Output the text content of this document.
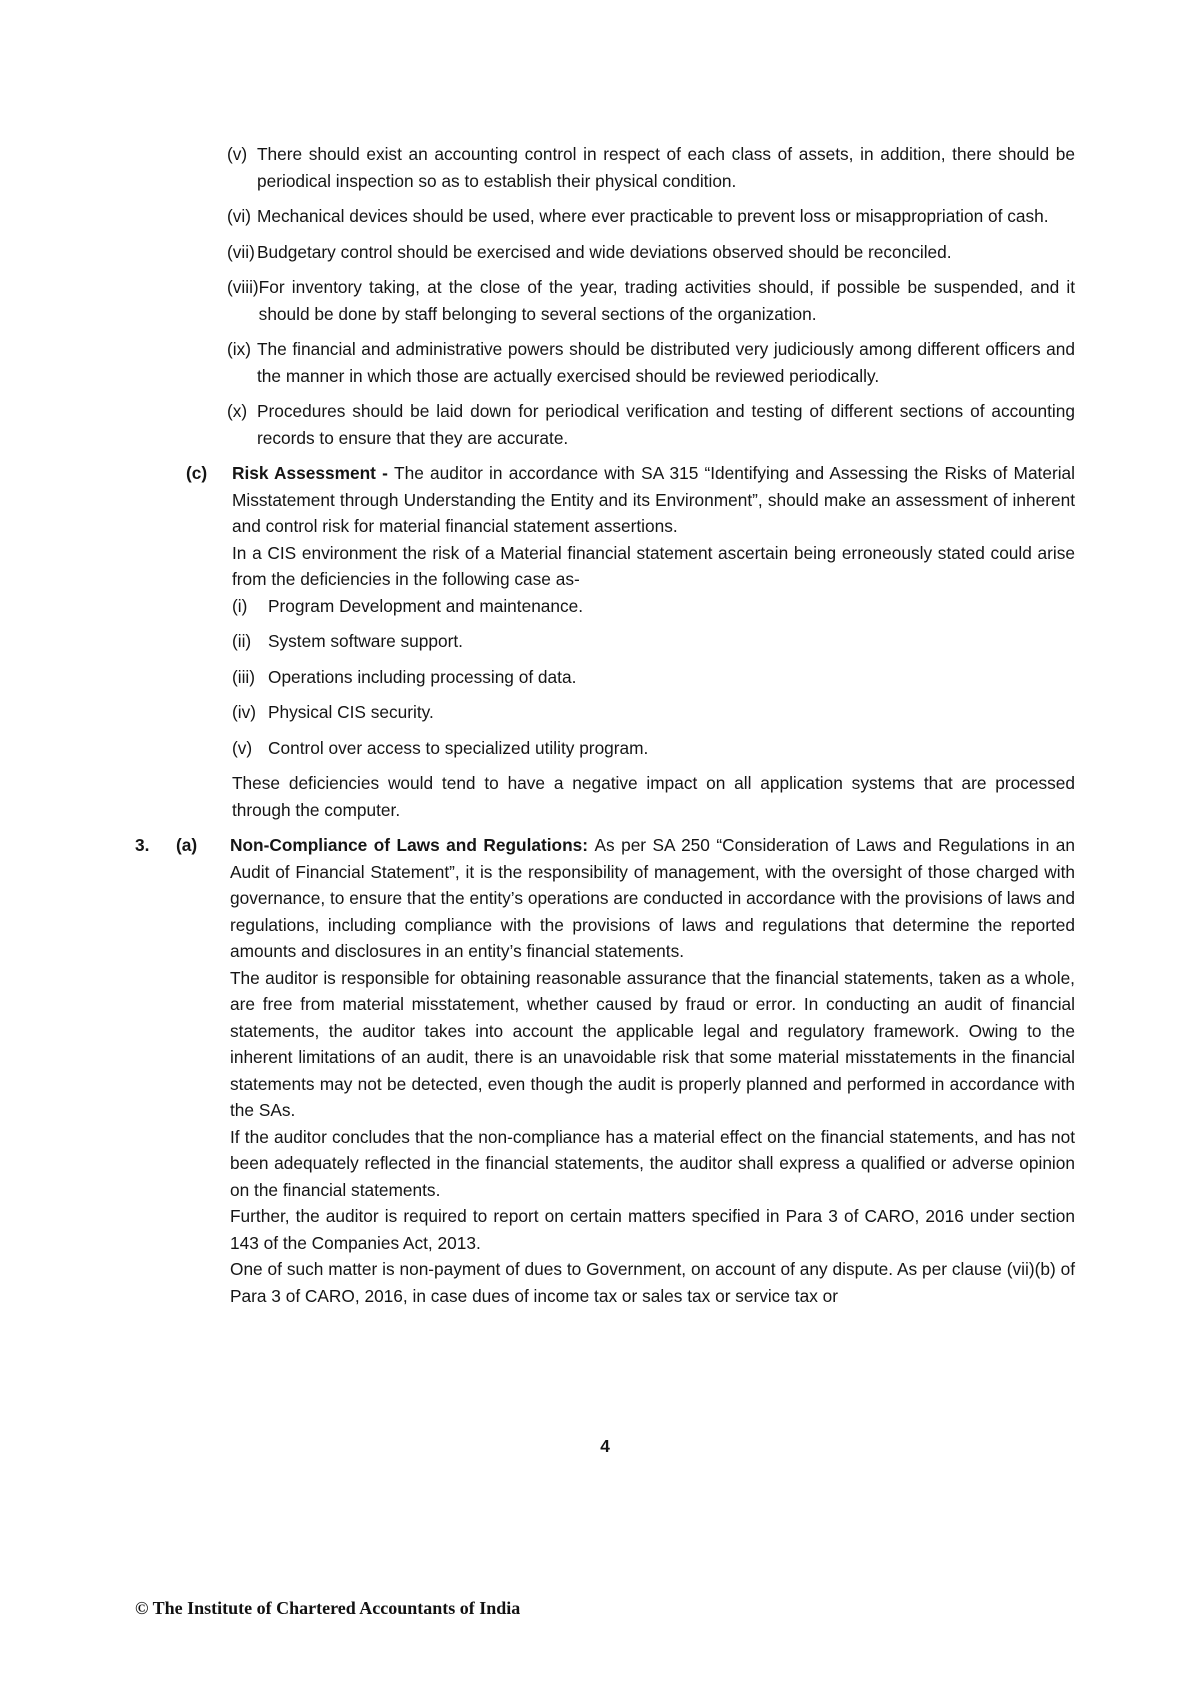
(v) There should exist an accounting control in respect of each class of assets, in addition, there should be periodical inspection so as to establish their physical condition.

(vi) Mechanical devices should be used, where ever practicable to prevent loss or misappropriation of cash.

(vii) Budgetary control should be exercised and wide deviations observed should be reconciled.

(viii) For inventory taking, at the close of the year, trading activities should, if possible be suspended, and it should be done by staff belonging to several sections of the organization.

(ix) The financial and administrative powers should be distributed very judiciously among different officers and the manner in which those are actually exercised should be reviewed periodically.

(x) Procedures should be laid down for periodical verification and testing of different sections of accounting records to ensure that they are accurate.

(c)	Risk Assessment - The auditor in accordance with SA 315 “Identifying and Assessing the Risks of Material Misstatement through Understanding the Entity and its Environment”, should make an assessment of inherent and control risk for material financial statement assertions.

In a CIS environment the risk of a Material financial statement ascertain being erroneously stated could arise from the deficiencies in the following case as-

(i)	Program Development and maintenance.

(ii) System software support.

(iii) Operations including processing of data.

(iv) Physical CIS security.

(v) Control over access to specialized utility program.

These deficiencies would tend to have a negative impact on all application systems that are processed through the computer.

3.	(a)	Non-Compliance of Laws and Regulations: As per SA 250 “Consideration of Laws and Regulations in an Audit of Financial Statement”, it is the responsibility of management, with the oversight of those charged with governance, to ensure that the entity’s operations are conducted in accordance with the provisions of laws and regulations, including compliance with the provisions of laws and regulations that determine the reported amounts and disclosures in an entity’s financial statements.

The auditor is responsible for obtaining reasonable assurance that the financial statements, taken as a whole, are free from material misstatement, whether caused by fraud or error. In conducting an audit of financial statements, the auditor takes into account the applicable legal and regulatory framework. Owing to the inherent limitations of an audit, there is an unavoidable risk that some material misstatements in the financial statements may not be detected, even though the audit is properly planned and performed in accordance with the SAs.

If the auditor concludes that the non-compliance has a material effect on the financial statements, and has not been adequately reflected in the financial statements, the auditor shall express a qualified or adverse opinion on the financial statements.

Further, the auditor is required to report on certain matters specified in Para 3 of CARO, 2016 under section 143 of the Companies Act, 2013.

One of such matter is non-payment of dues to Government, on account of any dispute. As per clause (vii)(b) of Para 3 of CARO, 2016, in case dues of income tax or sales tax or service tax or

4
© The Institute of Chartered Accountants of India
